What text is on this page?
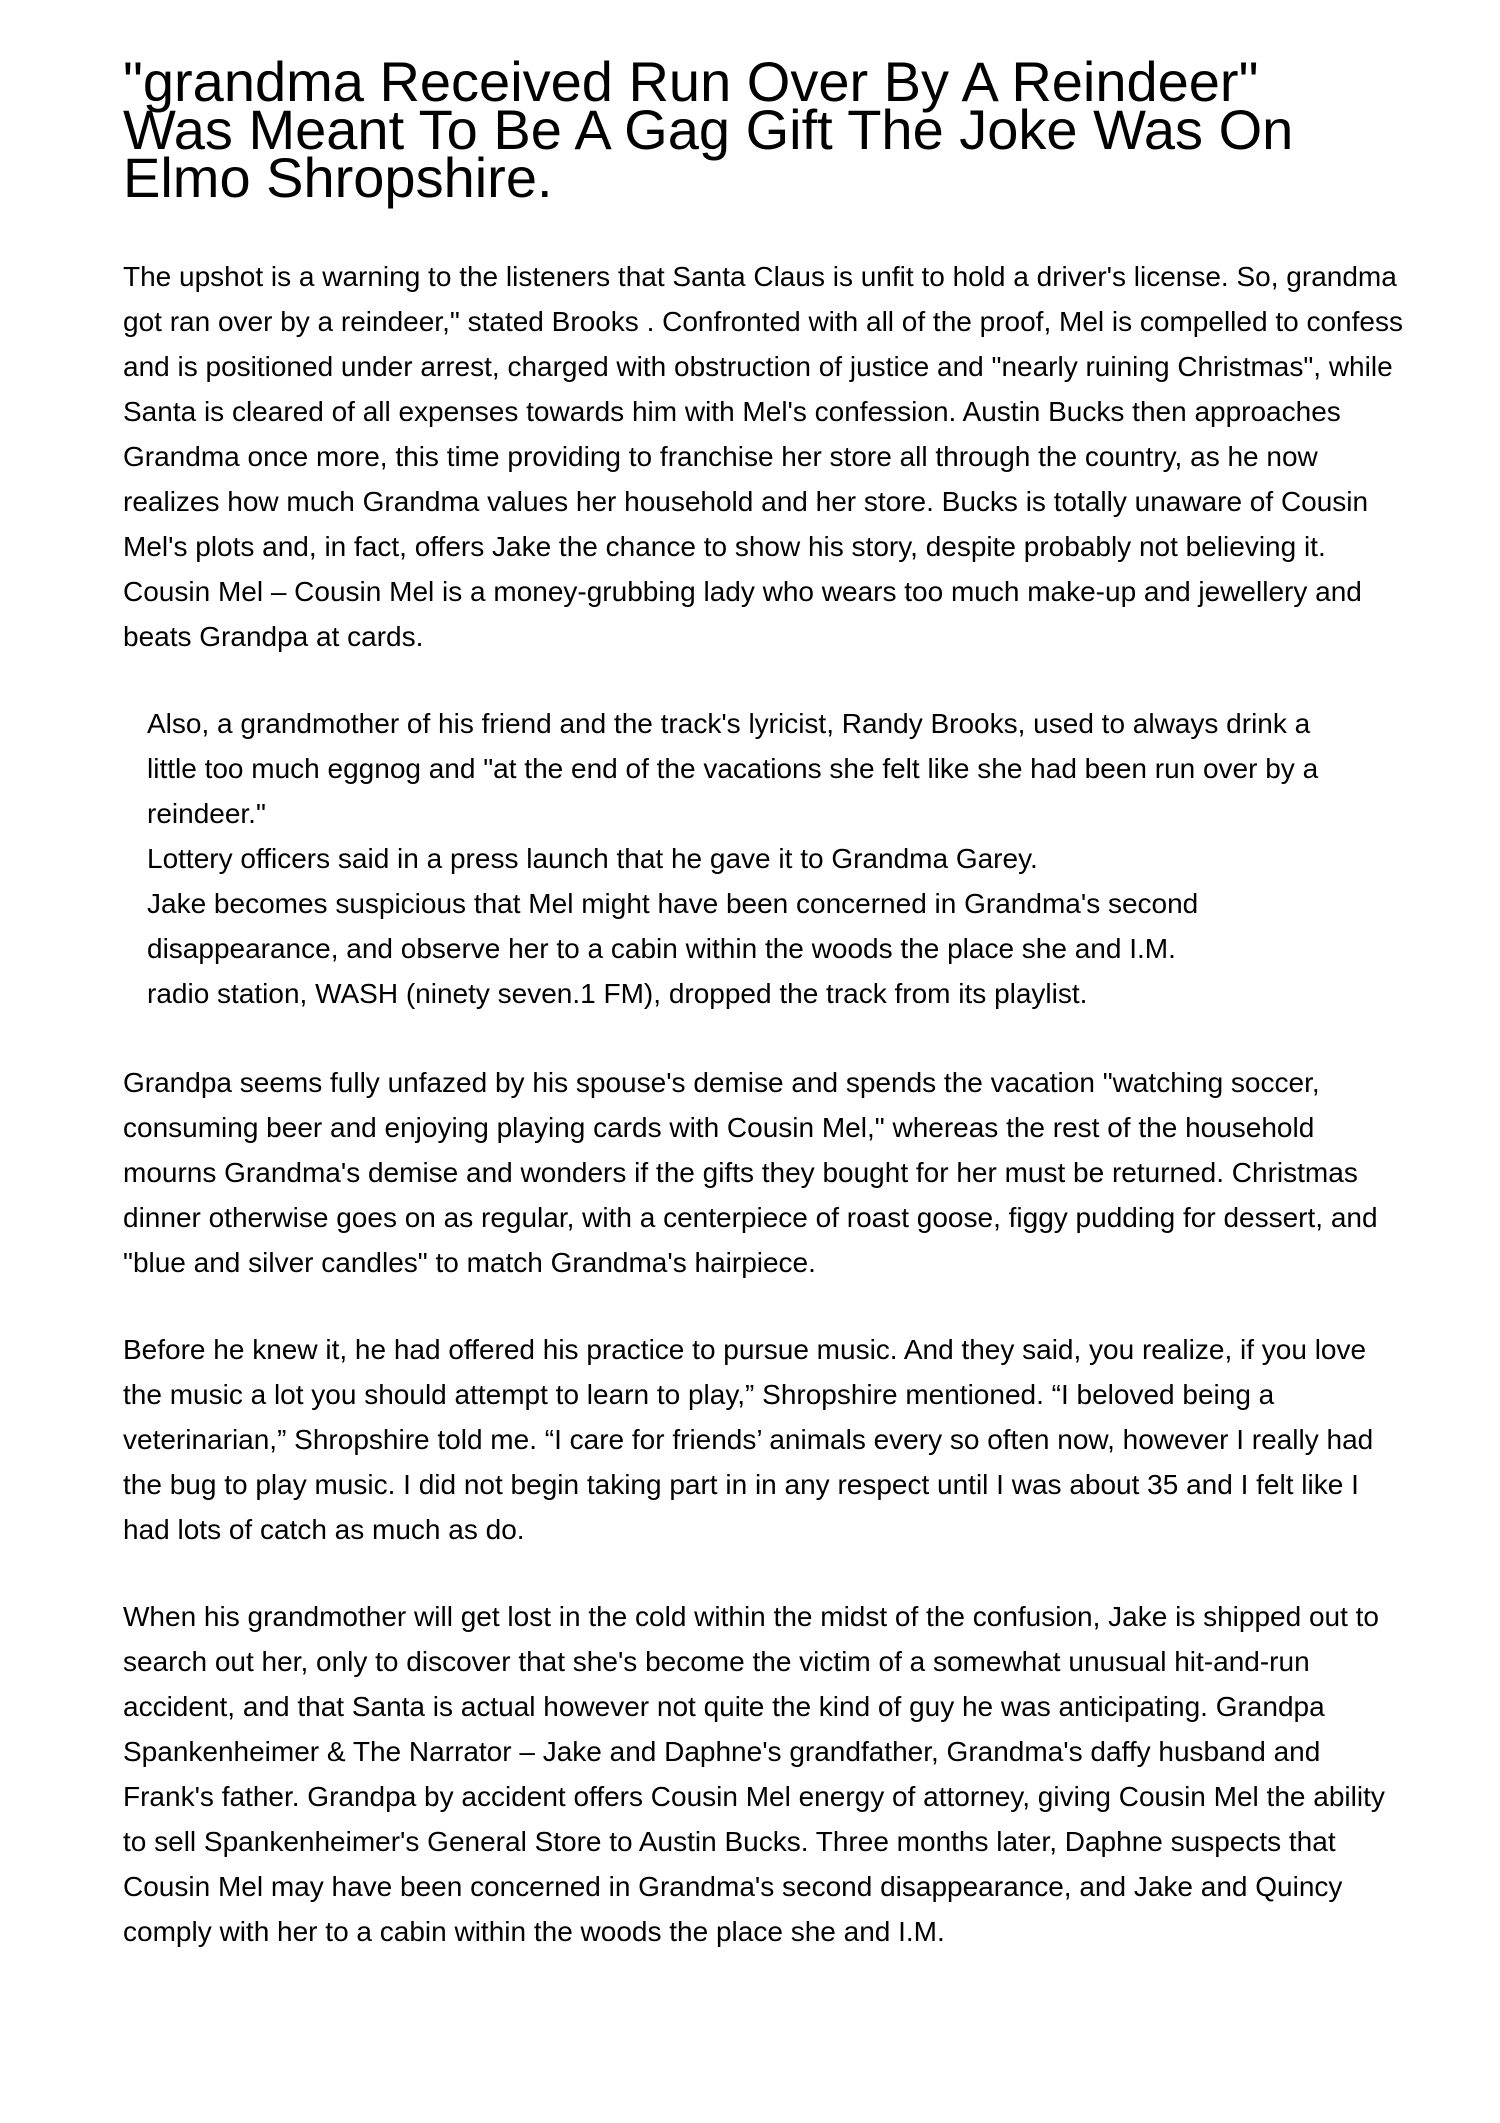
"grandma Received Run Over By A Reindeer" Was Meant To Be A Gag Gift The Joke Was On Elmo Shropshire.

The upshot is a warning to the listeners that Santa Claus is unfit to hold a driver's license. So, grandma got ran over by a reindeer," stated Brooks . Confronted with all of the proof, Mel is compelled to confess and is positioned under arrest, charged with obstruction of justice and "nearly ruining Christmas", while Santa is cleared of all expenses towards him with Mel's confession. Austin Bucks then approaches Grandma once more, this time providing to franchise her store all through the country, as he now realizes how much Grandma values her household and her store. Bucks is totally unaware of Cousin Mel's plots and, in fact, offers Jake the chance to show his story, despite probably not believing it. Cousin Mel – Cousin Mel is a money-grubbing lady who wears too much make-up and jewellery and beats Grandpa at cards.

Also, a grandmother of his friend and the track's lyricist, Randy Brooks, used to always drink a little too much eggnog and "at the end of the vacations she felt like she had been run over by a reindeer."
Lottery officers said in a press launch that he gave it to Grandma Garey.
Jake becomes suspicious that Mel might have been concerned in Grandma's second disappearance, and observe her to a cabin within the woods the place she and I.M.
radio station, WASH (ninety seven.1 FM), dropped the track from its playlist.

Grandpa seems fully unfazed by his spouse's demise and spends the vacation "watching soccer, consuming beer and enjoying playing cards with Cousin Mel," whereas the rest of the household mourns Grandma's demise and wonders if the gifts they bought for her must be returned. Christmas dinner otherwise goes on as regular, with a centerpiece of roast goose, figgy pudding for dessert, and "blue and silver candles" to match Grandma's hairpiece.

Before he knew it, he had offered his practice to pursue music. And they said, you realize, if you love the music a lot you should attempt to learn to play,” Shropshire mentioned. “I beloved being a veterinarian,” Shropshire told me. “I care for friends’ animals every so often now, however I really had the bug to play music. I did not begin taking part in in any respect until I was about 35 and I felt like I had lots of catch as much as do.

When his grandmother will get lost in the cold within the midst of the confusion, Jake is shipped out to search out her, only to discover that she's become the victim of a somewhat unusual hit-and-run accident, and that Santa is actual however not quite the kind of guy he was anticipating. Grandpa Spankenheimer & The Narrator – Jake and Daphne's grandfather, Grandma's daffy husband and Frank's father. Grandpa by accident offers Cousin Mel energy of attorney, giving Cousin Mel the ability to sell Spankenheimer's General Store to Austin Bucks. Three months later, Daphne suspects that Cousin Mel may have been concerned in Grandma's second disappearance, and Jake and Quincy comply with her to a cabin within the woods the place she and I.M.
